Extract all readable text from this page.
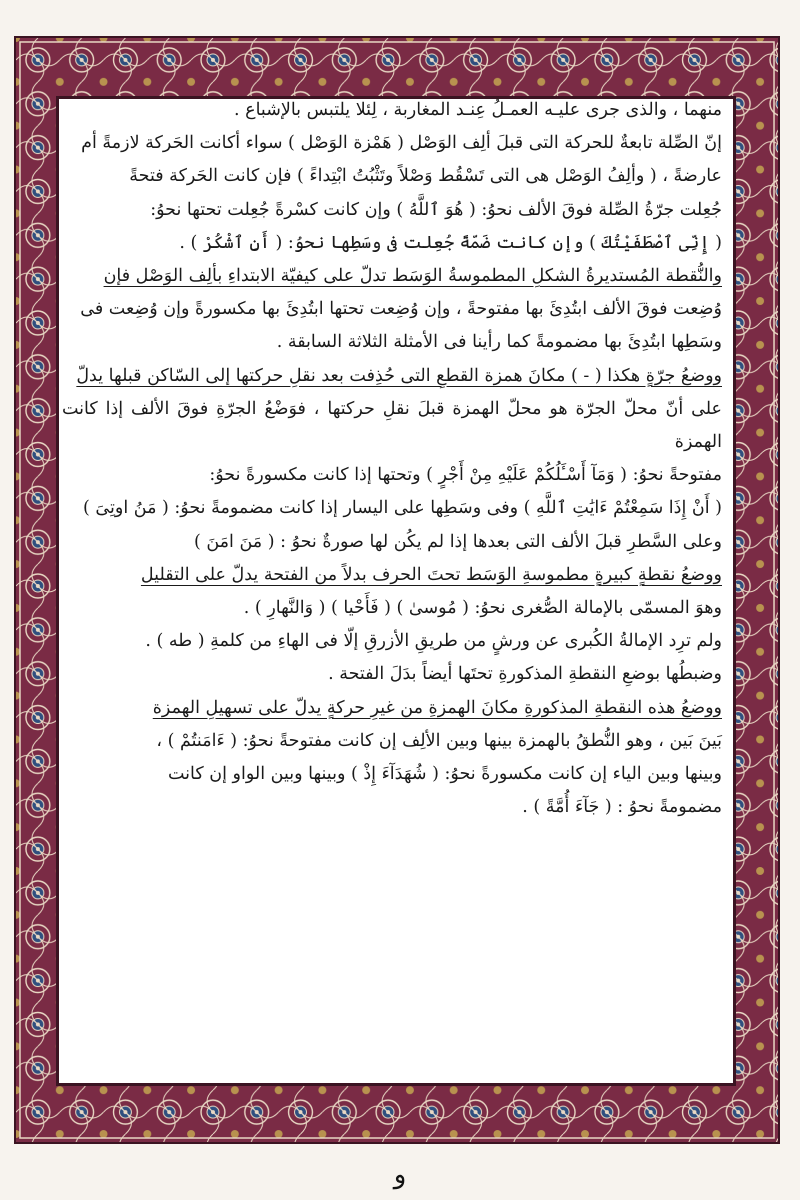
منهما ، والذى جرى عليـه العمـلُ عِنـد المغاربة ، لِئلا يلتبس بالإشباع .

إنّ الصِّلة تابعةٌ للحركة التى قبلَ ألِف الوَصْل ( هَمْزة الوَصْل ) سواء أكانت الحَركة لازمةً أم

عارضةً ، ( وألِفُ الوَصْل هى التى تَسْقُط وَصْلاً وتَثْبُتُ ابْتِداءً ) فإن كانت الحَركة فتحةً

جُعِلت جرّةُ الصِّلة فوقَ الألف نحوُ: ( هُوَ ٱللَّهُ ) وإن كانت كسْرةً جُعِلت تحتها نحوُ:

( إِنِّى ٱصْطَفَيْتُكَ ) وإن كانت ضَمّةً جُعِلت فى وسَطِها نحوُ: ( أَنِ ٱشْكُرْ ) .

والنُّقطة المُستديرةُ الشكلِ المطموسةُ الوَسَط تدلّ على كيفيّة الابتداءِ بألِف الوَصْل فإن

وُضِعت فوقَ الألف ابتُدِئَ بها مفتوحةً ، وإن وُضِعت تحتها ابتُدِئَ بها مكسورةً وإن وُضِعت فى

وسَطِها ابتُدِئَ بها مضمومةً كما رأينا فى الأمثلة الثلاثة السابقة .

ووضعُ جرّةٍ هكذا ( - ) مكانَ همزة القطعِ التى حُذِفت بعد نقلِ حركتها إلى السّاكن قبلها يدلّ

على أنّ محلّ الجرّة هو محلّ الهمزة قبلَ نقلِ حركتها ، فوَضْعُ الجرّةِ فوقَ الألف إذا كانت الهمزة

مفتوحةً نحوُ: ( وَمَآ أَسْـَٔلُكُمْ عَلَيْهِ مِنْ أَجْرٍ ) وتحتها إذا كانت مكسورةً نحوُ:

( أَنْ إِذَا سَمِعْتُمْ ءَايَٰتِ ٱللَّهِ ) وفى وسَطِها على اليسار إذا كانت مضمومةً نحوُ: ( مَنُ اوتِىَ )

وعلى السَّطرِ قبلَ الألف التى بعدها إذا لم يكُن لها صورةٌ نحوُ : ( مَنَ امَنَ )

ووضعُ نقطةٍ كبيرةٍ مطموسةِ الوَسَط تحتَ الحرف بدلاً من الفتحة يدلّ على التقليل

وهوَ المسمّى بالإمالة الصُّغرى نحوُ: ( مُوسىٰ ) ( فَأَحْيا ) ( وَالنَّهارِ ) .

ولم ترِد الإمالةُ الكُبرى عن ورشٍ من طريقِ الأزرقِ إلّا فى الهاءِ من كلمةِ ( طه ) .

وضبطُها بوضعِ النقطةِ المذكورةِ تحتَها أيضاً بدَلَ الفتحة .

ووضعُ هذه النقطةِ المذكورةِ مكانَ الهمزةِ من غيرِ حركةٍ يدلّ على تسهيلِ الهمزة

بَينَ بَين ، وهو النُّطقُ بالهمزة بينها وبين الألِف إن كانت مفتوحةً نحوُ: ( ءَامَنتُمْ ) ،

وبينها وبين الياء إن كانت مكسورةً نحوُ: ( شُهَدَآءَ إِذْ ) وبينها وبين الواو إن كانت

مضمومةً نحوُ : ( جَآءَ أُمَّةً ) .

و
